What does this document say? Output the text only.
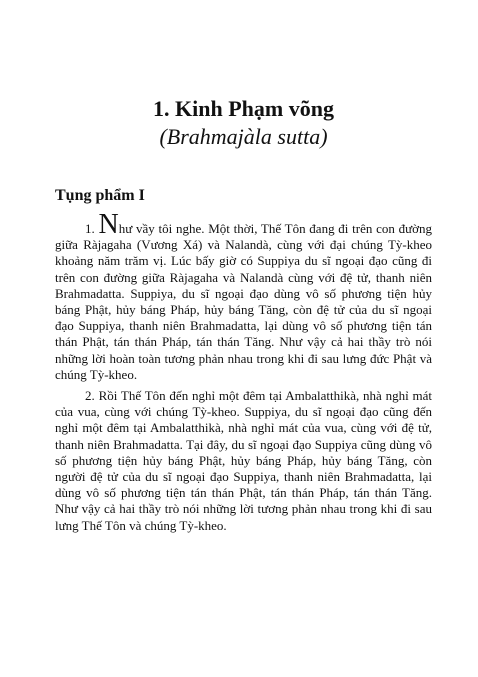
1. Kinh Phạm võng
(Brahmajàla sutta)
Tụng phẩm I

1. Như vầy tôi nghe. Một thời, Thế Tôn đang đi trên con đường giữa Ràjagaha (Vương Xá) và Nalandà, cùng với đại chúng Tỳ-kheo khoảng năm trăm vị. Lúc bấy giờ có Suppiya du sĩ ngoại đạo cũng đi trên con đường giữa Ràjagaha và Nalandà cùng với đệ tử, thanh niên Brahmadatta. Suppiya, du sĩ ngoại đạo dùng vô số phương tiện hủy báng Phật, hủy báng Pháp, hủy báng Tăng, còn đệ tử của du sĩ ngoại đạo Suppiya, thanh niên Brahmadatta, lại dùng vô số phương tiện tán thán Phật, tán thán Pháp, tán thán Tăng. Như vậy cả hai thầy trò nói những lời hoàn toàn tương phản nhau trong khi đi sau lưng đức Phật và chúng Tỳ-kheo.

2. Rồi Thế Tôn đến nghỉ một đêm tại Ambalatthikà, nhà nghỉ mát của vua, cùng với chúng Tỳ-kheo. Suppiya, du sĩ ngoại đạo cũng đến nghỉ một đêm tại Ambalatthikà, nhà nghỉ mát của vua, cùng với đệ tử, thanh niên Brahmadatta. Tại đây, du sĩ ngoại đạo Suppiya cũng dùng vô số phương tiện hủy báng Phật, hủy báng Pháp, hủy báng Tăng, còn người đệ tử của du sĩ ngoại đạo Suppiya, thanh niên Brahmadatta, lại dùng vô số phương tiện tán thán Phật, tán thán Pháp, tán thán Tăng. Như vậy cả hai thầy trò nói những lời tương phản nhau trong khi đi sau lưng Thế Tôn và chúng Tỳ-kheo.
